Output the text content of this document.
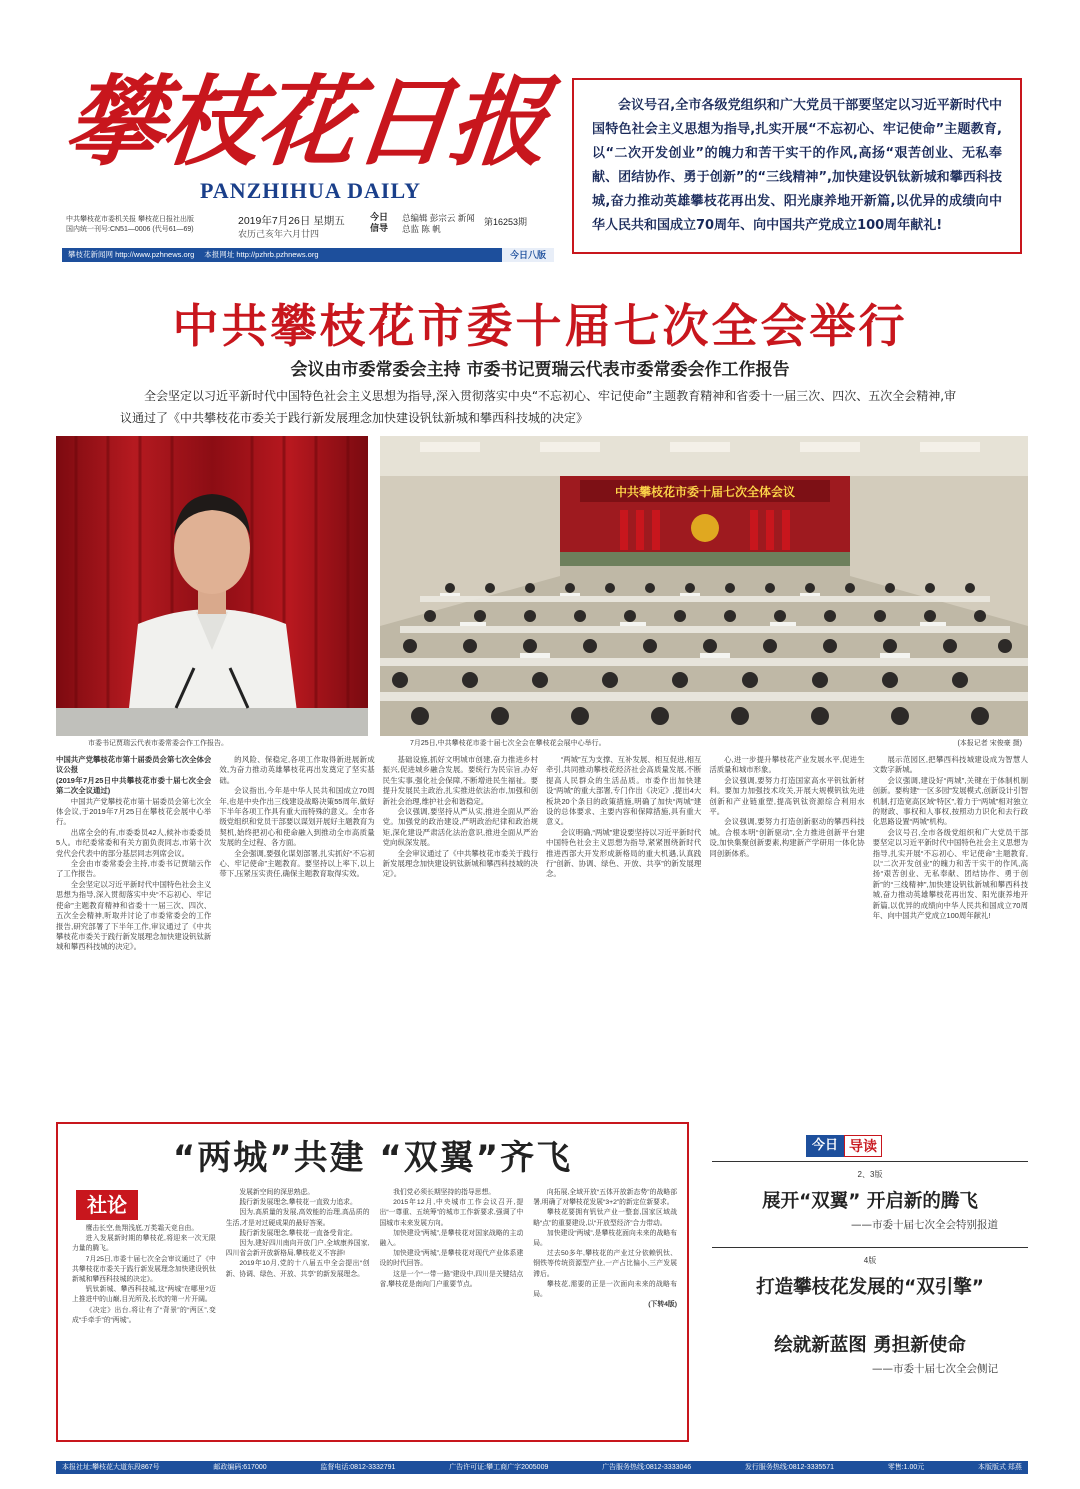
攀
枝
花
日
报
PANZHIHUA DAILY
中共攀枝花市委机关报 攀枝花日报社出版
国内统一刊号:CN51—0006 (代号61—69)
2019年7月26日 星期五
农历己亥年六月廿四
今日 信导
总编辑 彭宗云 新闻总监 陈 帆
第16253期
攀枝花新闻网 http://www.pzhnews.org 本报网址 http://pzhrb.pzhnews.org	今日八版

会议号召,全市各级党组织和广大党员干部要坚定以习近平新时代中国特色社会主义思想为指导,扎实开展“不忘初心、牢记使命”主题教育,以“二次开发创业”的魄力和苦干实干的作风,高扬“艰苦创业、无私奉献、团结协作、勇于创新”的“三线精神”,加快建设钒钛新城和攀西科技城,奋力推动英雄攀枝花再出发、阳光康养地开新篇,以优异的成绩向中华人民共和国成立70周年、向中国共产党成立100周年献礼!

中共攀枝花市委十届七次全会举行
会议由市委常委会主持 市委书记贾瑞云代表市委常委会作工作报告

全会坚定以习近平新时代中国特色社会主义思想为指导,深入贯彻落实中央“不忘初心、牢记使命”主题教育精神和省委十一届三次、四次、五次全会精神,审议通过了《中共攀枝花市委关于践行新发展理念加快建设钒钛新城和攀西科技城的决定》

中共攀枝花市委十届七次全体会议
市委书记贾瑞云代表市委常委会作工作报告。	7月25日,中共攀枝花市委十届七次全会在攀枝花会展中心举行。	(本报记者 宋俊豪 摄)

中国共产党攀枝花市第十届委员会第七次全体会议公报

(2019年7月25日中共攀枝花市委十届七次全会第二次全议通过)

中国共产党攀枝花市第十届委员会第七次全体会议,于2019年7月25日在攀枝花会展中心举行。

出席全会的有,市委委员42人,候补市委委员5人。市纪委常委和有关方面负责同志,市第十次党代会代表中的部分基层同志列席会议。

全会由市委常委会主持,市委书记贾瑞云作了工作报告。

全会坚定以习近平新时代中国特色社会主义思想为指导,深入贯彻落实中央“不忘初心、牢记使命”主题教育精神和省委十一届三次、四次、五次全会精神,听取并讨论了市委常委会的工作报告,研究部署了下半年工作,审议通过了《中共攀枝花市委关于践行新发展理念加快建设钒钛新城和攀西科技城的决定》。

的风险、保稳定,各项工作取得新进展新成效,为奋力推动英雄攀枝花再出发奠定了坚实基础。

会议指出,今年是中华人民共和国成立70周年,也是中央作出三线建设战略决策55周年,做好下半年各项工作具有重大而特殊的意义。全市各级党组织和党员干部要以谋划开展好主题教育为契机,始终把初心和使命融入到推动全市高质量发展的全过程、各方面。

全会强调,要强化谋划部署,扎实抓好“不忘初心、牢记使命”主题教育。要坚持以上率下,以上带下,压紧压实责任,确保主题教育取得实效。

基础设施,抓好文明城市创建,奋力推进乡村振兴,促进城乡融合发展。要统行为民宗旨,办好民生实事,强化社会保障,不断增进民生福祉。要提升发展民主政治,扎实推进依法治市,加强和创新社会治理,维护社会和谐稳定。

会议强调,要坚持从严从实,推进全面从严治党。加强党的政治建设,严明政治纪律和政治规矩,深化建设严肃活化法治意识,推进全面从严治党向纵深发展。

全会审议通过了《中共攀枝花市委关于践行新发展理念加快建设钒钛新城和攀西科技城的决定》。

“两城”互为支撑、互补发展、相互促进,相互牵引,共同推动攀枝花经济社会高质量发展,不断提高人民群众的生活品质。市委作出加快建设“两城”的重大部署,专门作出《决定》,提出4大板块20个条目的政策措施,明确了加快“两城”建设的总体要求、主要内容和保障措施,具有重大意义。

会议明确,“两城”建设要坚持以习近平新时代中国特色社会主义思想为指导,紧紧围绕新时代推进西部大开发形成新格局的重大机遇,认真践行“创新、协调、绿色、开放、共享”的新发展理念。

心,进一步提升攀枝花产业发展水平,促进生活质量和城市形象。

会议强调,要努力打造国家高水平钒钛新材料。要加力加强技术攻关,开展大规模钒钛先进创新和产业链重塑,提高钒钛资源综合利用水平。

会议强调,要努力打造创新驱动的攀西科技城。合根本明“创新驱动”,全力推进创新平台建设,加快集聚创新要素,构建新产学研用一体化协同创新体系。

展示范园区,把攀西科技城建设成为智慧人文数字新城。

会议强调,建设好“两城”,关键在于体制机制创新。要构建“一区多园”发展模式,创新设计引智机制,打造宽高区域“特区”,着力于“两城”相对独立的财政、事权和人事权,按照动力识化和去行政化思路设置“两城”机构。

会议号召,全市各级党组织和广大党员干部要坚定以习近平新时代中国特色社会主义思想为指导,扎实开展“不忘初心、牢记使命”主题教育,以“二次开发创业”的魄力和苦干实干的作风,高扬“艰苦创业、无私奉献、团结协作、勇于创新”的“三线精神”,加快建设钒钛新城和攀西科技城,奋力推动英雄攀枝花再出发、阳光康养地开新篇,以优异的成绩向中华人民共和国成立70周年、向中国共产党成立100周年献礼!

“两城”共建 “双翼”齐飞

鹰击长空,鱼翔浅底,万类霜天竞自由。

进入发展新时期的攀枝花,将迎来一次无限力量的腾飞。

7月25日,市委十届七次全会审议通过了《中共攀枝花市委关于践行新发展理念加快建设钒钛新城和攀西科技城的决定》。

钒钛新城、攀西科技城,这“两城”在哪里?迈上推进中的山巅,目光所及,长坎的第一片开阔。

《决定》出台,将让有了“背景”的“两区”,变成“手牵手”的“两城”。

发展新空间的深思熟虑。

践行新发展理念,攀枝花一直致力追求。

因为,高质量的发展,高效能的治理,高品质的生活,才是对过硬成果的最好答案。

践行新发展理念,攀枝花一直备受肯定。

因为,建好四川南向开放门户,全域康养国家,四川省会新开放新格局,攀枝花义不容辞!

2019年10月,党的十八届五中全会提出“创新、协调、绿色、开放、共享”的新发展理念。

我们党必须长期坚持的指导思想。

2015年12月,中央城市工作会议召开,提出“一尊重、五统筹”的城市工作新要求,强调了中国城市未来发展方向。

加快建设“两城”,是攀枝花对国家战略的主动融入。

加快建设“两城”,是攀枝花对现代产业体系建设的时代回答。

这是一个“一带一路”建设中,四川是关键结点省,攀枝花是南向门户重要节点。

向拓展,全域开放“五体开放新态势”的战略部署,明确了对攀枝花发展“3+2”的新定位新要求。

攀枝花要拥有钒钛产业一整套,国家区域战略“点”的重要建设,以“开放型经济”合力带动。

加快建设“两城”,是攀枝花面向未来的战略布局。

过去50多年,攀枝花的产业过分依赖钒钛、钢铁等传统资源型产业,一产占比偏小,三产发展滞后。

攀枝花,需要的正是一次面向未来的战略布局。

(下转4版)

社论
今日 导读
2、3版
展开“双翼” 开启新的腾飞
——市委十届七次全会特别报道
4版
打造攀枝花发展的“双引擎”
绘就新蓝图 勇担新使命
——市委十届七次全会侧记
本报社址:攀枝花大道东段867号	邮政编码:617000	监督电话:0812-3332791	广告许可证:攀工商广字2005009	广告服务热线:0812-3333046	发行服务热线:0812-3335571	零售:1.00元	本版版式 郑燕
